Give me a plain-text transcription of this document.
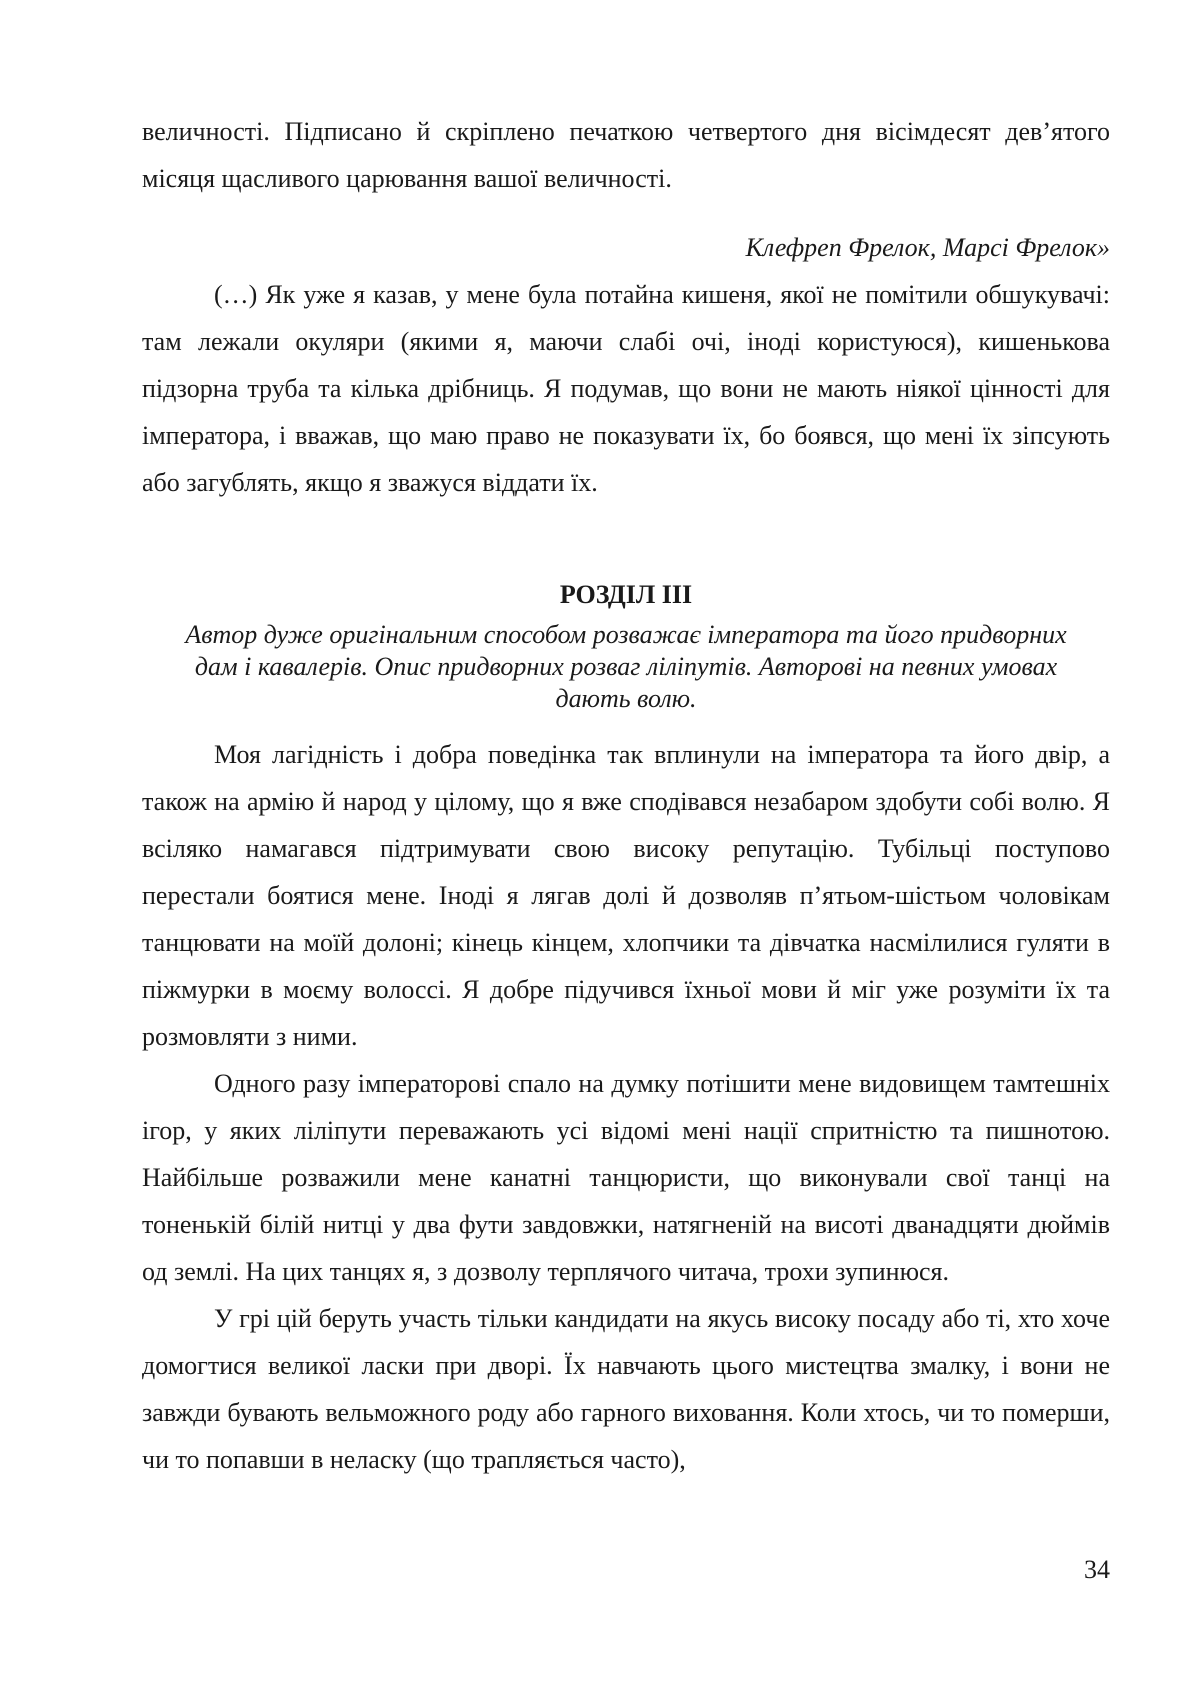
величності. Підписано й скріплено печаткою четвертого дня вісімдесят дев’ятого місяця щасливого царювання вашої величності.

Клефреп Фрелок, Марсі Фрелок»

(…) Як уже я казав, у мене була потайна кишеня, якої не помітили обшукувачі: там лежали окуляри (якими я, маючи слабі очі, іноді користуюся), кишенькова підзорна труба та кілька дрібниць. Я подумав, що вони не мають ніякої цінності для імператора, і вважав, що маю право не показувати їх, бо боявся, що мені їх зіпсують або загублять, якщо я зважуся віддати їх.

РОЗДІЛ III
Автор дуже оригінальним способом розважає імператора та його придворних дам і кавалерів. Опис придворних розваг ліліпутів. Авторові на певних умовах дають волю.

Моя лагідність і добра поведінка так вплинули на імператора та його двір, а також на армію й народ у цілому, що я вже сподівався незабаром здобути собі волю. Я всіляко намагався підтримувати свою високу репутацію. Тубільці поступово перестали боятися мене. Іноді я лягав долі й дозволяв п’ятьом-шістьом чоловікам танцювати на моїй долоні; кінець кінцем, хлопчики та дівчатка насмілилися гуляти в піжмурки в моєму волоссі. Я добре підучився їхньої мови й міг уже розуміти їх та розмовляти з ними.

Одного разу імператорові спало на думку потішити мене видовищем тамтешніх ігор, у яких ліліпути переважають усі відомі мені нації спритністю та пишнотою. Найбільше розважили мене канатні танцюристи, що виконували свої танці на тоненькій білій нитці у два фути завдовжки, натягненій на висоті дванадцяти дюймів од землі. На цих танцях я, з дозволу терплячого читача, трохи зупинюся.

У грі цій беруть участь тільки кандидати на якусь високу посаду або ті, хто хоче домогтися великої ласки при дворі. Їх навчають цього мистецтва змалку, і вони не завжди бувають вельможного роду або гарного виховання. Коли хтось, чи то померши, чи то попавши в неласку (що трапляється часто),

34
